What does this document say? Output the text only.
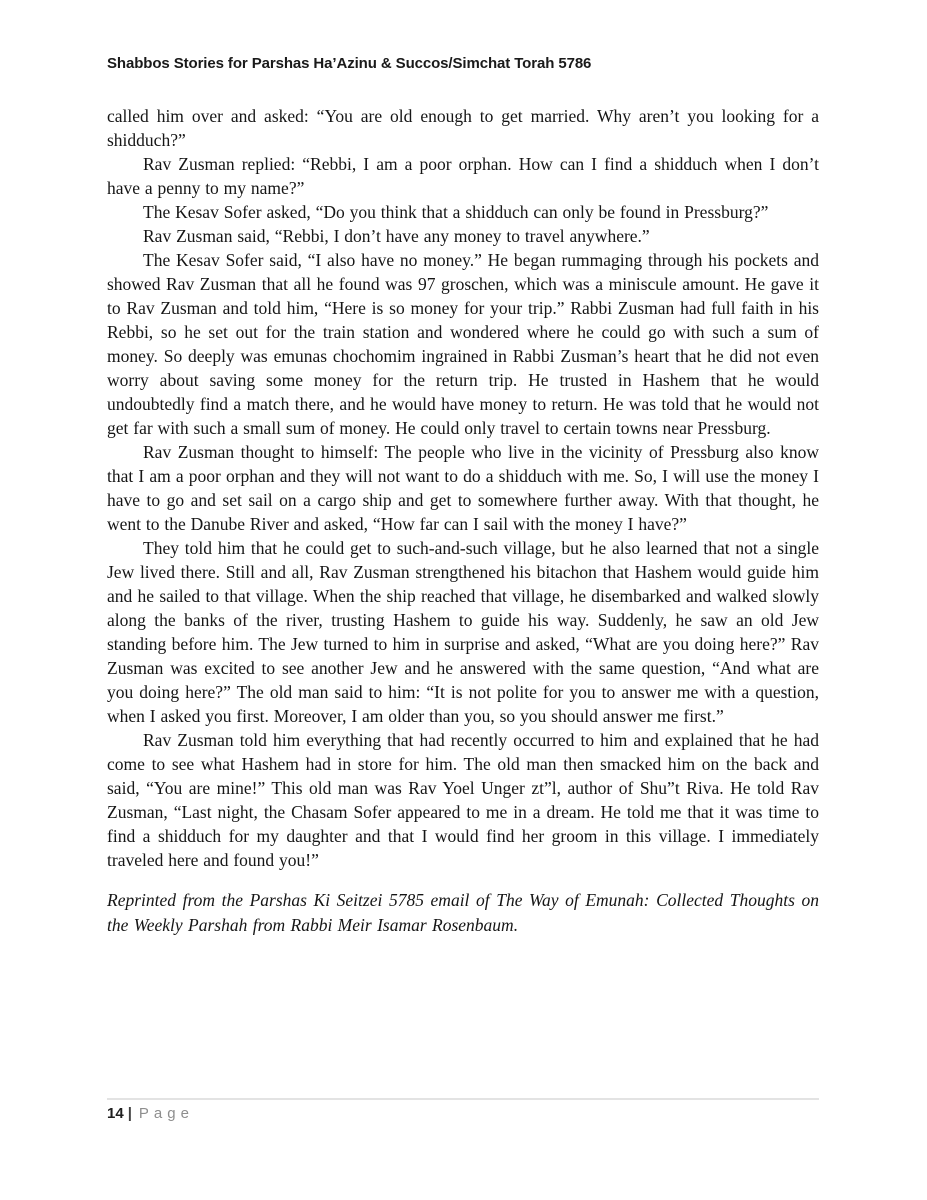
Shabbos Stories for Parshas Ha’Azinu & Succos/Simchat Torah 5786

called him over and asked: “You are old enough to get married. Why aren’t you looking for a shidduch?”

Rav Zusman replied: “Rebbi, I am a poor orphan. How can I find a shidduch when I don’t have a penny to my name?”

The Kesav Sofer asked, “Do you think that a shidduch can only be found in Pressburg?”

Rav Zusman said, “Rebbi, I don’t have any money to travel anywhere.”

The Kesav Sofer said, “I also have no money.” He began rummaging through his pockets and showed Rav Zusman that all he found was 97 groschen, which was a miniscule amount. He gave it to Rav Zusman and told him, “Here is so money for your trip.” Rabbi Zusman had full faith in his Rebbi, so he set out for the train station and wondered where he could go with such a sum of money. So deeply was emunas chochomim ingrained in Rabbi Zusman’s heart that he did not even worry about saving some money for the return trip. He trusted in Hashem that he would undoubtedly find a match there, and he would have money to return. He was told that he would not get far with such a small sum of money. He could only travel to certain towns near Pressburg.

Rav Zusman thought to himself: The people who live in the vicinity of Pressburg also know that I am a poor orphan and they will not want to do a shidduch with me. So, I will use the money I have to go and set sail on a cargo ship and get to somewhere further away. With that thought, he went to the Danube River and asked, “How far can I sail with the money I have?”

They told him that he could get to such-and-such village, but he also learned that not a single Jew lived there. Still and all, Rav Zusman strengthened his bitachon that Hashem would guide him and he sailed to that village. When the ship reached that village, he disembarked and walked slowly along the banks of the river, trusting Hashem to guide his way. Suddenly, he saw an old Jew standing before him. The Jew turned to him in surprise and asked, “What are you doing here?” Rav Zusman was excited to see another Jew and he answered with the same question, “And what are you doing here?” The old man said to him: “It is not polite for you to answer me with a question, when I asked you first. Moreover, I am older than you, so you should answer me first.”

Rav Zusman told him everything that had recently occurred to him and explained that he had come to see what Hashem had in store for him. The old man then smacked him on the back and said, “You are mine!” This old man was Rav Yoel Unger zt”l, author of Shu”t Riva. He told Rav Zusman, “Last night, the Chasam Sofer appeared to me in a dream. He told me that it was time to find a shidduch for my daughter and that I would find her groom in this village. I immediately traveled here and found you!”

Reprinted from the Parshas Ki Seitzei 5785 email of The Way of Emunah: Collected Thoughts on the Weekly Parshah from Rabbi Meir Isamar Rosenbaum.

14 | Page
